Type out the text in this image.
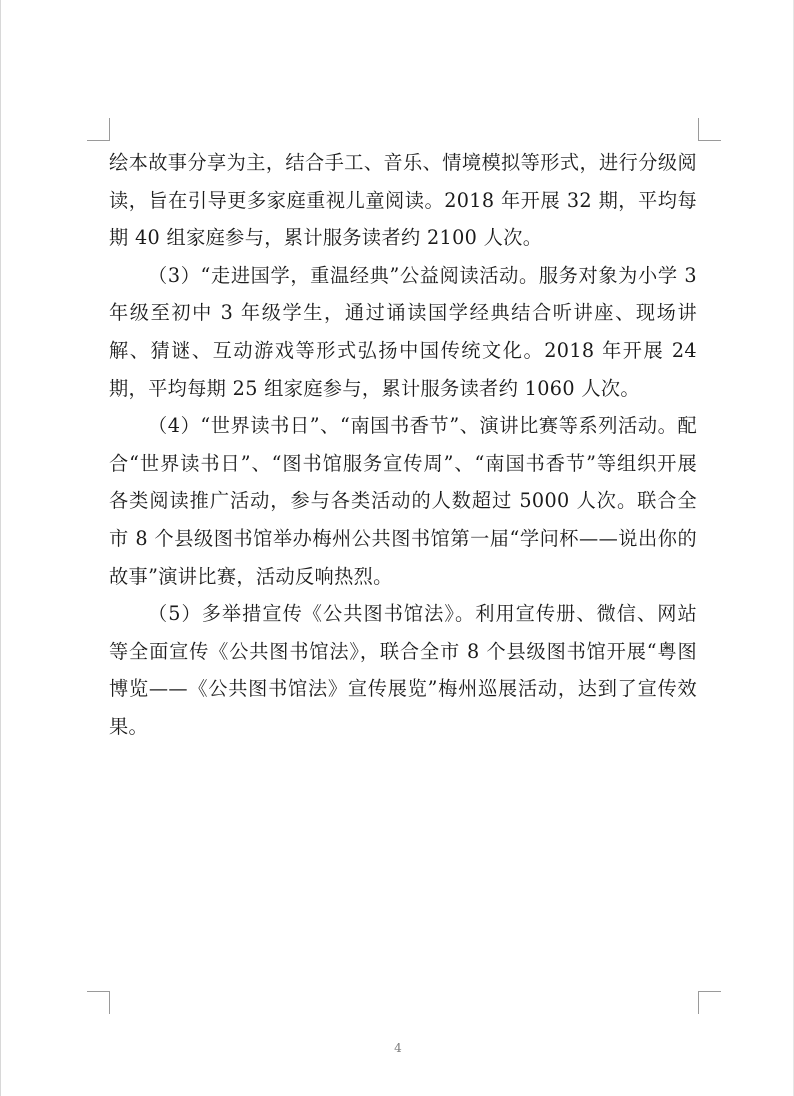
绘本故事分享为主，结合手工、音乐、情境模拟等形式，进行分级阅读，旨在引导更多家庭重视儿童阅读。2018 年开展 32 期，平均每期 40 组家庭参与，累计服务读者约 2100 人次。

（3）“走进国学，重温经典”公益阅读活动。服务对象为小学 3 年级至初中 3 年级学生，通过诵读国学经典结合听讲座、现场讲解、猜谜、互动游戏等形式弘扬中国传统文化。2018 年开展 24 期，平均每期 25 组家庭参与，累计服务读者约 1060 人次。

（4）“世界读书日”、“南国书香节”、演讲比赛等系列活动。配合“世界读书日”、“图书馆服务宣传周”、“南国书香节”等组织开展各类阅读推广活动，参与各类活动的人数超过 5000 人次。联合全市 8 个县级图书馆举办梅州公共图书馆第一届“学问杯——说出你的故事”演讲比赛，活动反响热烈。

（5）多举措宣传《公共图书馆法》。利用宣传册、微信、网站等全面宣传《公共图书馆法》，联合全市 8 个县级图书馆开展“粤图博览——《公共图书馆法》宣传展览”梅州巡展活动，达到了宣传效果。

4
